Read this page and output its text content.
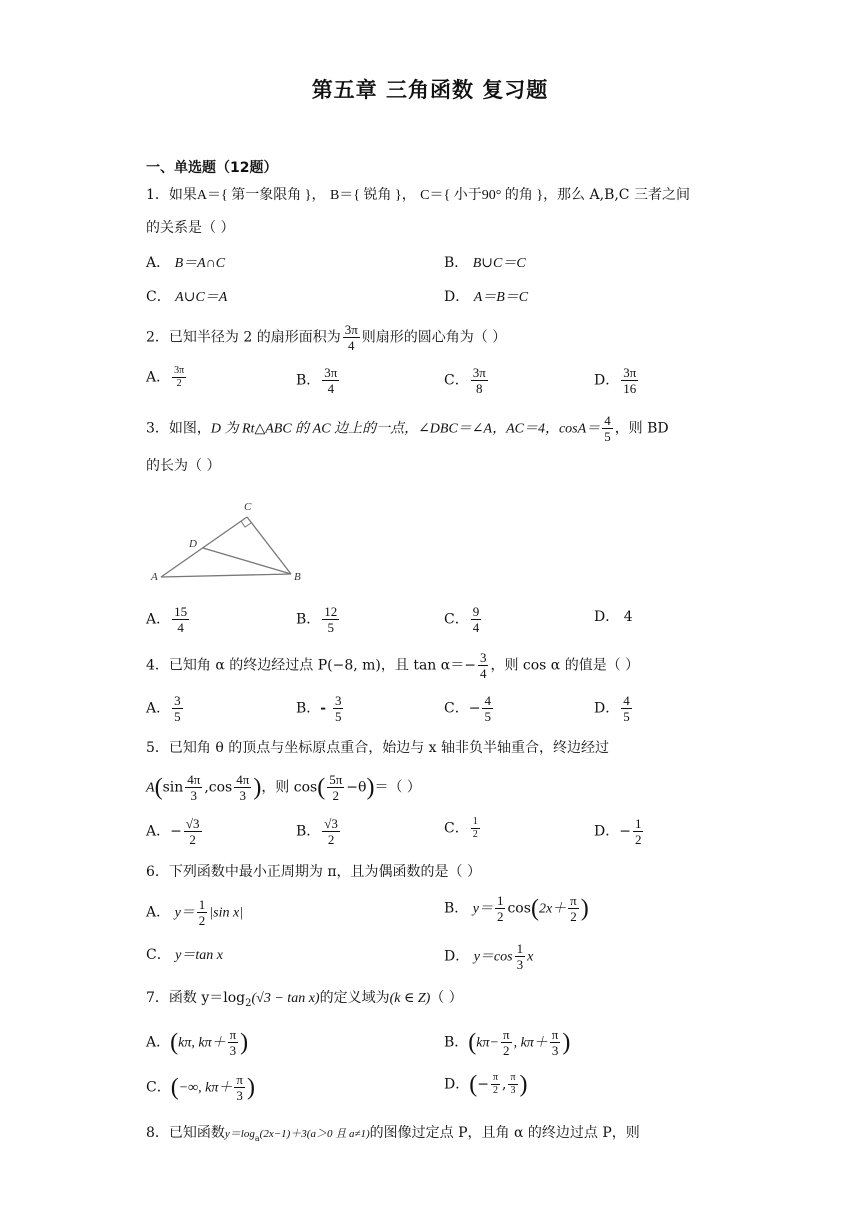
第五章 三角函数 复习题
一、单选题（12题）
1．如果A＝{ 第一象限角 }， B＝{ 锐角 }， C＝{ 小于90° 的角 }，那么 A,B,C 三者之间
的关系是（ ）
A． B＝A∩C	B． B∪C＝C
C． A∪C＝A	D． A＝B＝C
2．已知半径为 2 的扇形面积为 $\frac{3\pi}{4}$ 则扇形的圆心角为（ ）
A． $\frac{3\pi}{2}$	B． $\frac{3\pi}{4}$	C． $\frac{3\pi}{8}$	D． $\frac{3\pi}{16}$
3．如图，D 为 Rt△ABC 的 AC 边上的一点，∠DBC＝∠A，AC＝4，$\cos A= \frac{4}{5}$ ，则 BD
的长为（ ）
C
D
A	B
A． $\frac{15}{4}$	B． $\frac{12}{5}$	C． $\frac{9}{4}$	D． 4
4．已知角 α 的终边经过点 P(−8, m)，且 $\tan \alpha=- \frac{3}{4}$ ，则 cos α 的值是（ ）
A． $\frac{3}{5}$	B．- $\frac{3}{5}$	C．− $\frac{4}{5}$	D． $\frac{4}{5}$
5．已知角 θ 的顶点与坐标原点重合，始边与 x 轴非负半轴重合，终边经过
$A(\sin \frac{4\pi}{3} ,\cos \frac{4\pi}{3}$ )，则 $\cos( \frac{5\pi}{2} -\theta)=$（ ）
A．− $\frac{√3}{2}$	B． $\frac{√3}{2}$	C． $\frac{1}{2}$	D．− $\frac{1}{2}$
6．下列函数中最小正周期为 π，且为偶函数的是（ ）
A． $y= \frac{1}{2} |\sin$ x|	B． $y= \frac{1}{2} \cos(2x+ \frac{\pi}{2}$ )
C． y＝tan x	D． $y=\cos \frac{1}{3}$ x
7．函数 $y=\log_2(√3 - \tan x)$的定义域为(k ∈ Z)（ ）
A．(kπ, $k\pi+ \frac{\pi}{3}$ )	B．($k\pi- \frac{\pi}{2}$ , $k\pi+ \frac{\pi}{3}$ )
C．(−∞, $k\pi+ \frac{\pi}{3}$ )	D．(− $\frac{\pi}{2}$ , $\frac{\pi}{3}$ )
8．已知函数$y=\log_a(2x-1)+3(a>0$ 且 a≠1)的图像过定点 P，且角 α 的终边过点 P，则
